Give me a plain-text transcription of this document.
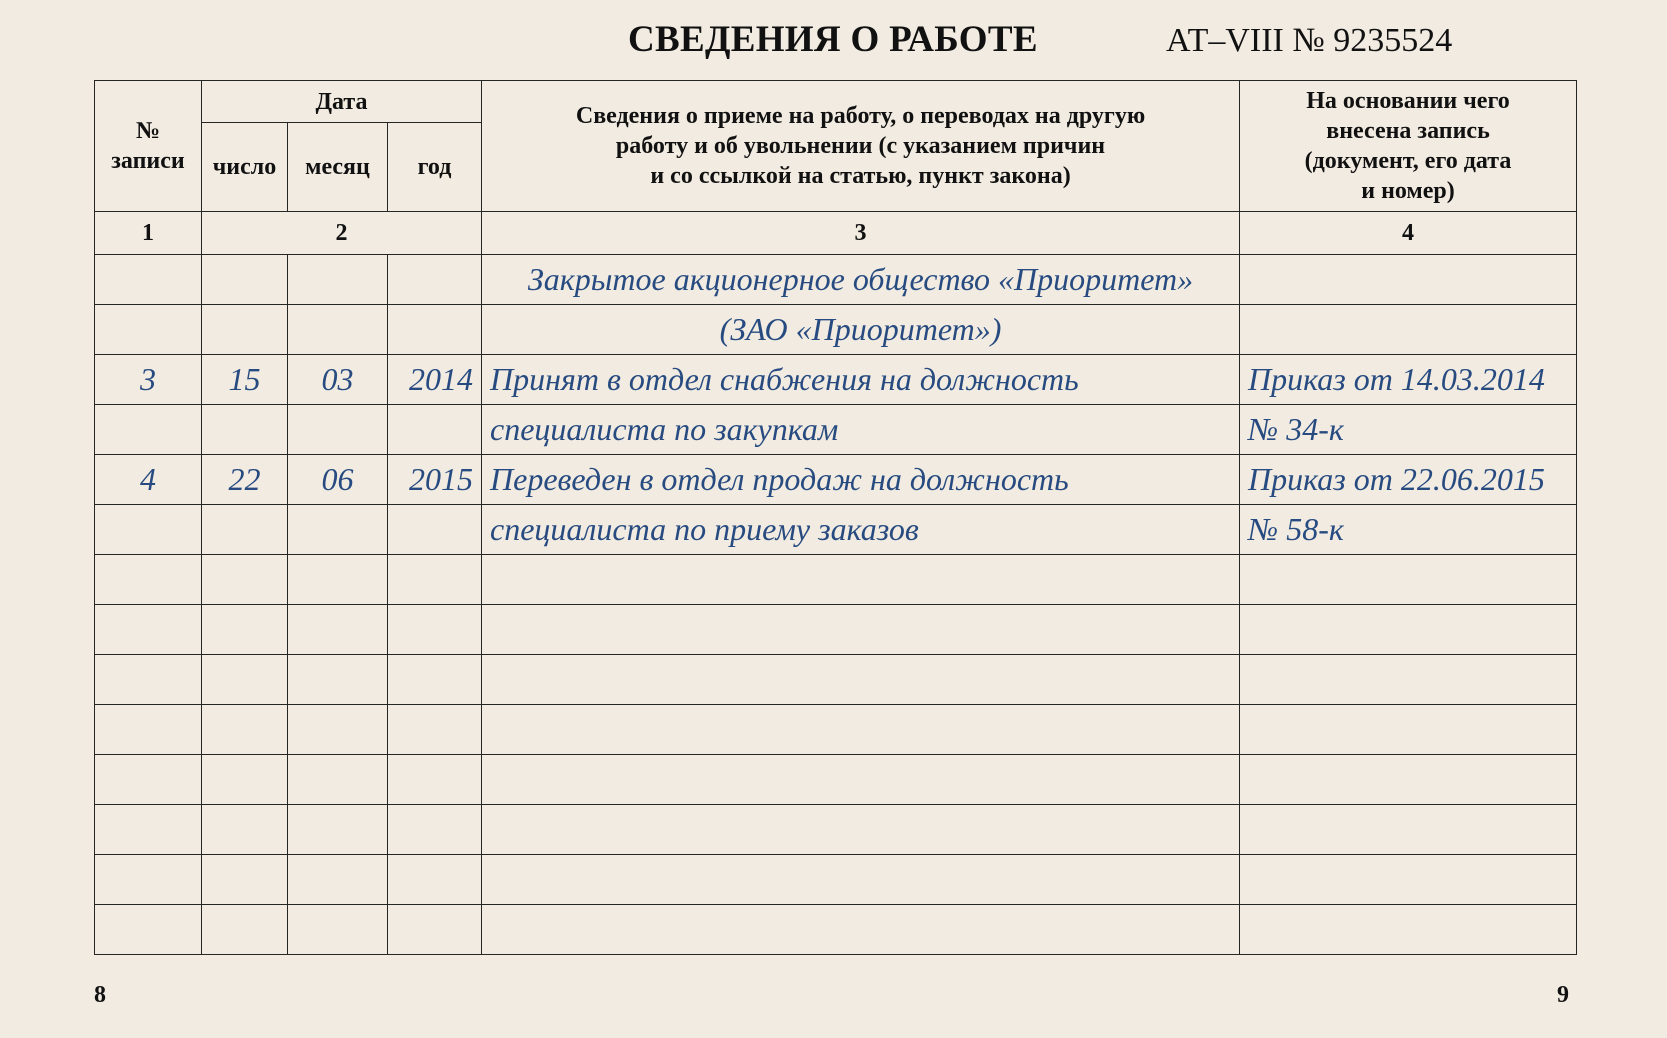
СВЕДЕНИЯ О РАБОТЕ	АТ–VIII № 9235524
№
записи	Дата			Сведения о приеме на работу, о переводах на другую
работу и об увольнении (с указанием причин
и со ссылкой на статью, пункт закона)	На основании чего
внесена запись
(документ, его дата
и номер)
	число	месяц	год		
1	2			3	4
				Закрытое акционерное общество «Приоритет»	
				(ЗАО «Приоритет»)	
3	15	03	2014	Принят в отдел снабжения на должность	Приказ от 14.03.2014
				специалиста по закупкам	№ 34-к
4	22	06	2015	Переведен в отдел продаж на должность	Приказ от 22.06.2015
				специалиста по приему заказов	№ 58-к

8	9
